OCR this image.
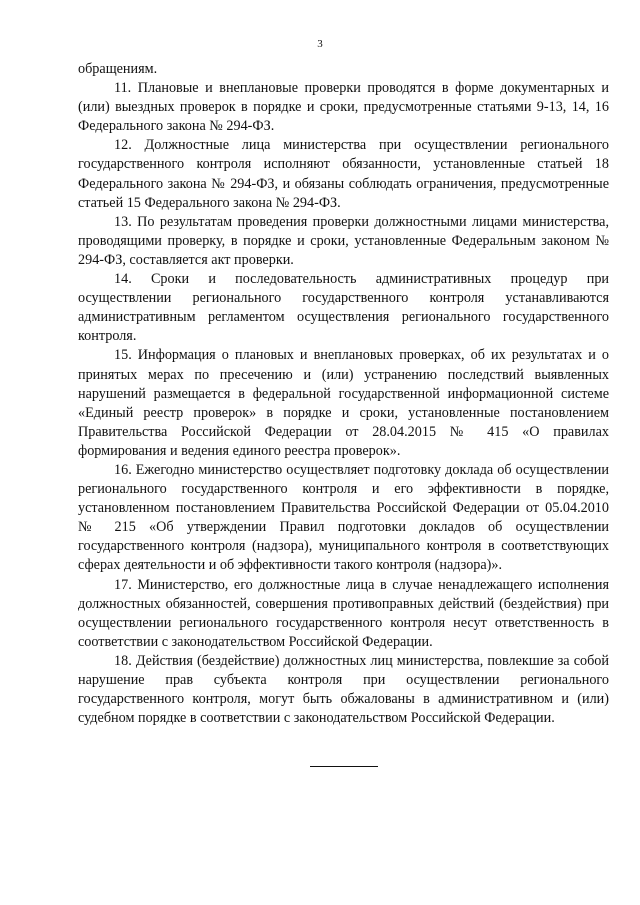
3

обращениям.

11. Плановые и внеплановые проверки проводятся в форме документарных и (или) выездных проверок в порядке и сроки, предусмотренные статьями 9-13, 14, 16 Федерального закона № 294-ФЗ.

12. Должностные лица министерства при осуществлении регионального государственного контроля исполняют обязанности, установленные статьей 18 Федерального закона № 294-ФЗ, и обязаны соблюдать ограничения, предусмотренные статьей 15 Федерального закона № 294-ФЗ.

13. По результатам проведения проверки должностными лицами министерства, проводящими проверку, в порядке и сроки, установленные Федеральным законом № 294-ФЗ, составляется акт проверки.

14. Сроки и последовательность административных процедур при осуществлении регионального государственного контроля устанавливаются административным регламентом осуществления регионального государственного контроля.

15. Информация о плановых и внеплановых проверках, об их результатах и о принятых мерах по пресечению и (или) устранению последствий выявленных нарушений размещается в федеральной государственной информационной системе «Единый реестр проверок» в порядке и сроки, установленные постановлением Правительства Российской Федерации от 28.04.2015 № 415 «О правилах формирования и ведения единого реестра проверок».

16. Ежегодно министерство осуществляет подготовку доклада об осуществлении регионального государственного контроля и его эффективности в порядке, установленном постановлением Правительства Российской Федерации от 05.04.2010 № 215 «Об утверждении Правил подготовки докладов об осуществлении государственного контроля (надзора), муниципального контроля в соответствующих сферах деятельности и об эффективности такого контроля (надзора)».

17. Министерство, его должностные лица в случае ненадлежащего исполнения должностных обязанностей, совершения противоправных действий (бездействия) при осуществлении регионального государственного контроля несут ответственность в соответствии с законодательством Российской Федерации.

18. Действия (бездействие) должностных лиц министерства, повлекшие за собой нарушение прав субъекта контроля при осуществлении регионального государственного контроля, могут быть обжалованы в административном и (или) судебном порядке в соответствии с законодательством Российской Федерации.
